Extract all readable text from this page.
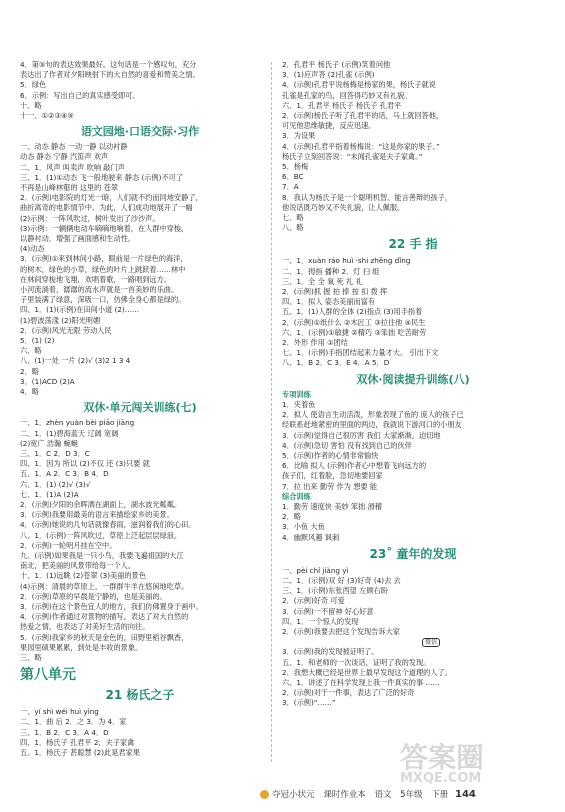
4．第⑤句的表达效果最好。这句话是一个感叹句，充分
表达出了作者对夕阳映射下的大自然的喜爱和赞美之情。
5．绿色
6．示例：写出自己的真实感受即可。
十、略
十一、①②③④⑤
语文园地·口语交际·习作
一、动态 静态 一动一静 以动衬静
动态 静态 宁静 汽笛声 欢声
二、1．风声 叫卖声 吹响 敲门声
三、1．(1)①动态 飞一般地驶来 静态 (示例)不可了
不再是山峰林壑的 这里的 苍翠
2．(示例)电影院的灯光一暗，人们就不约而同地安静了，
曲折离奇的电影情节中。为此，人们成功地展开了一幅
(2)示例：一阵风吹过，树叶发出了沙沙声。
(3)示例：一辆辆电动车嘀嘀地响着，在人群中穿梭，
以静衬动，增强了画面感和生动性。
(4)动态
3．(示例)①来到林间小路，眼前是一片绿色的海洋，
的树木，绿色的小草，绿色的叶片上跳跃着……林中
在林间穿梭地飞翔，欢唱着歌，一路唱到远方。
小河流淌着，潺潺的流水声就是一首美妙的乐曲。
子里装满了绿意，深吸一口，仿佛全身心都是绿的。
四、1．(1)(示例)在田间小道 (2)……
(1)碧波荡漾 (2)阳光明媚
2．(示例)风光无限 劳动人民
5．(1) (2)
六、略
八、(1)一处 一片 (2)√ (3)2 1 3 4
2．略
3．(1)ACD (2)A
4．略
双休·单元闯关训练(七)
一、1．zhèn yuàn bèi piāo jiāng
二、1．(1)碧海蓝天 辽阔 宽阔
(2)宽广 浩瀚 蜿蜒
三、1．C 2．D 3．C
四、1．因为 所以 (2)不仅 还 (3)只要 就
五、1．A 2．C 3．B 4．D
六、1．(1) (2)√ (3)√
七、1．(1)A (2)A
2．(示例)夕阳的余晖洒在湖面上，湖水波光粼粼。
3．(示例)我要用最美的语言来描绘家乡的美景。
4．(示例)她说的几句话就像春雨，滋润着我们的心田。
八、1．(示例)一阵风吹过，草原上泛起层层绿浪。
2．(示例)一轮明月挂在空中。
九、(示例)如果我是一只小鸟，我要飞遍祖国的大江
南北，把美丽的风景带给每一个人。
十、1．(1)远眺 (2)苍翠 (3)美丽的景色
(4)示例：清晨的草原上，一群群牛羊在悠闲地吃草。
2．(示例)草原的早晨是宁静的，也是美丽的。
3．(示例)在这个景色宜人的地方，我们仿佛置身于画中。
4．(示例)作者通过对景物的描写，表达了对大自然的
热爱之情，也表达了对美好生活的向往。
5．(示例)我家乡的秋天是金色的，田野里稻谷飘香，
果园里硕果累累，到处是丰收的景象。
三、略
第八单元
21 杨氏之子
一、yí shì wéi huì yìng
二、1．曲 后 2．之 3．为 4．家
三、1．B 2．C 3．A 4．D
四、1．杨氏子 孔君平 2．夫子家禽
五、1．杨氏子 甚聪慧 (2)此是君家果
2．孔君平 杨氏子 (示例)笑着问他
3．(1)应声答 (2)孔雀 (示例)
4．(示例)孔君平说杨梅是杨家的果，杨氏子就说
孔雀是孔家的鸟，回答得巧妙又有礼貌。
六、1．孔君平 杨氏子 杨氏子 孔君平
2．(示例)杨氏子听了孔君平的话，马上就回答他，
可见他思维敏捷，反应迅速。
3．为设果
4．(示例)孔君平指着杨梅说：“这是你家的果子。”
杨氏子立刻回答说：“未闻孔雀是夫子家禽。”
5．杨梅
6．BC
7．A
8．我认为杨氏子是一个聪明机智、能言善辩的孩子，
他说话既巧妙又不失礼貌，让人佩服。
七、略
八、略
22 手 指
一、1．xuàn ráo huì ·shi zhēng dǐng
二、1．拇指 播种 2．灯 扫 组
三、1．全 全 氧 死 礼 礼
2．(示例)抓 握 拍 捧 按 扣 拨 挥
四、1．拟人 姿态美丽而富有
五、1．(1)人群的全体 (2)指点 (3)用手指着
2．(示例)①纸什么 ②木匠工 ③拉住他 ④民生
六、1．(示例)①敏捷 ②精巧 ③笨拙 吃苦耐劳
2．外形 作用 ①团结
七、1．(示例)手指团结起来力量才大。 引出下文
八、1．B 2．C 3．E 4．A 5．D
双休·阅读提升训练(八)
专项训练
1．夹着鱼
2．拟人 使语言生动活泼，形象表现了鱼的 庞人的孩子已
经联系赶地紧密的里面的两边，我就说下游河口的小朋友
3．(示例)觉得自己很厉害 我们 大家渐渐，迫切地
4．(示例)急切 害怕 没有找到自己的伙伴
5．(示例)作者的心情非常愉快
6．比喻 拟人 (示例)作者心中想着飞向远方的
孩子们，红着脸，急切地要回家
7．拉 出来 勤劳 作为 想要 能
综合训练
1．勤劳 速度快 美妙 笨拙 滑稽
2．略
3．小鱼 大鱼
4．幽默风趣 讽刺
23˚ 童年的发现
一、pèi chǐ jiàng yì
二、1．(示例)双 好 (3)好奇 (4)去 去
三、1．(示例)东张西望 左顾右盼
2．(示例)好奇 可爱
3．(示例)一不留神 好心好意
四、1．一个惊人的发现
2．(示例)我要去把这个发现告诉大家
微信
3．(示例)我的发现被证明了。
五、1．和老师的一次谈话，证明了我的发现。
2．我想大概已经是世界上最早发现这个道理的人了。
六、1．讲述了在科学发现上我一件真实的事 ……
2．(示例)对于一件事，表达了广泛的好奇
3．(示例)“……”
夺冠小状元 课时作业本 语文 5年级 下册 144
答案圈
MXQE.COM
